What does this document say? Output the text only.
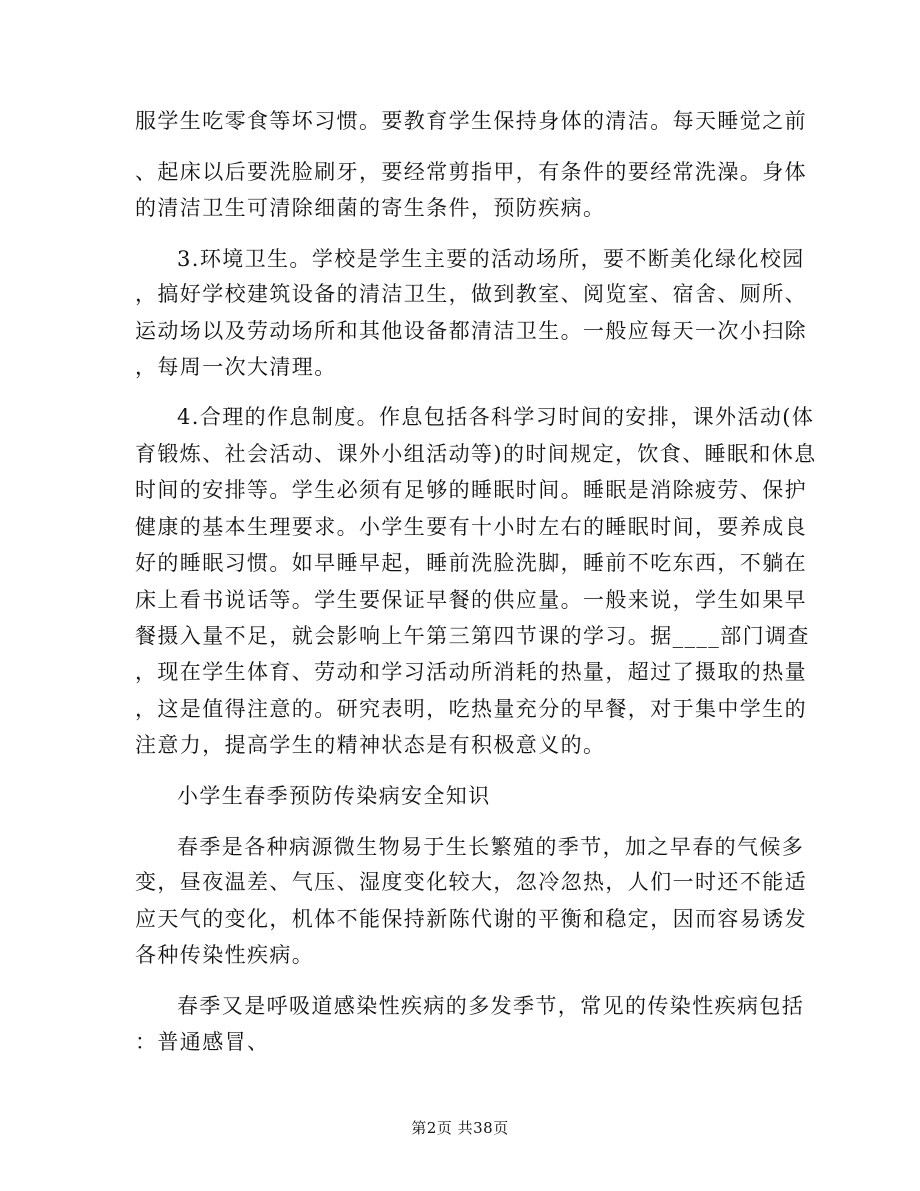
服学生吃零食等坏习惯。要教育学生保持身体的清洁。每天睡觉之前
、起床以后要洗脸刷牙，要经常剪指甲，有条件的要经常洗澡。身体
的清洁卫生可清除细菌的寄生条件，预防疾病。
3.环境卫生。学校是学生主要的活动场所，要不断美化绿化校园
，搞好学校建筑设备的清洁卫生，做到教室、阅览室、宿舍、厕所、
运动场以及劳动场所和其他设备都清洁卫生。一般应每天一次小扫除
，每周一次大清理。
4.合理的作息制度。作息包括各科学习时间的安排，课外活动(体
育锻炼、社会活动、课外小组活动等)的时间规定，饮食、睡眠和休息
时间的安排等。学生必须有足够的睡眠时间。睡眠是消除疲劳、保护
健康的基本生理要求。小学生要有十小时左右的睡眠时间，要养成良
好的睡眠习惯。如早睡早起，睡前洗脸洗脚，睡前不吃东西，不躺在
床上看书说话等。学生要保证早餐的供应量。一般来说，学生如果早
餐摄入量不足，就会影响上午第三第四节课的学习。据____部门调查
，现在学生体育、劳动和学习活动所消耗的热量，超过了摄取的热量
，这是值得注意的。研究表明，吃热量充分的早餐，对于集中学生的
注意力，提高学生的精神状态是有积极意义的。
小学生春季预防传染病安全知识
春季是各种病源微生物易于生长繁殖的季节，加之早春的气候多
变，昼夜温差、气压、湿度变化较大，忽冷忽热，人们一时还不能适
应天气的变化，机体不能保持新陈代谢的平衡和稳定，因而容易诱发
各种传染性疾病。
春季又是呼吸道感染性疾病的多发季节，常见的传染性疾病包括
：普通感冒、
第2页 共38页
